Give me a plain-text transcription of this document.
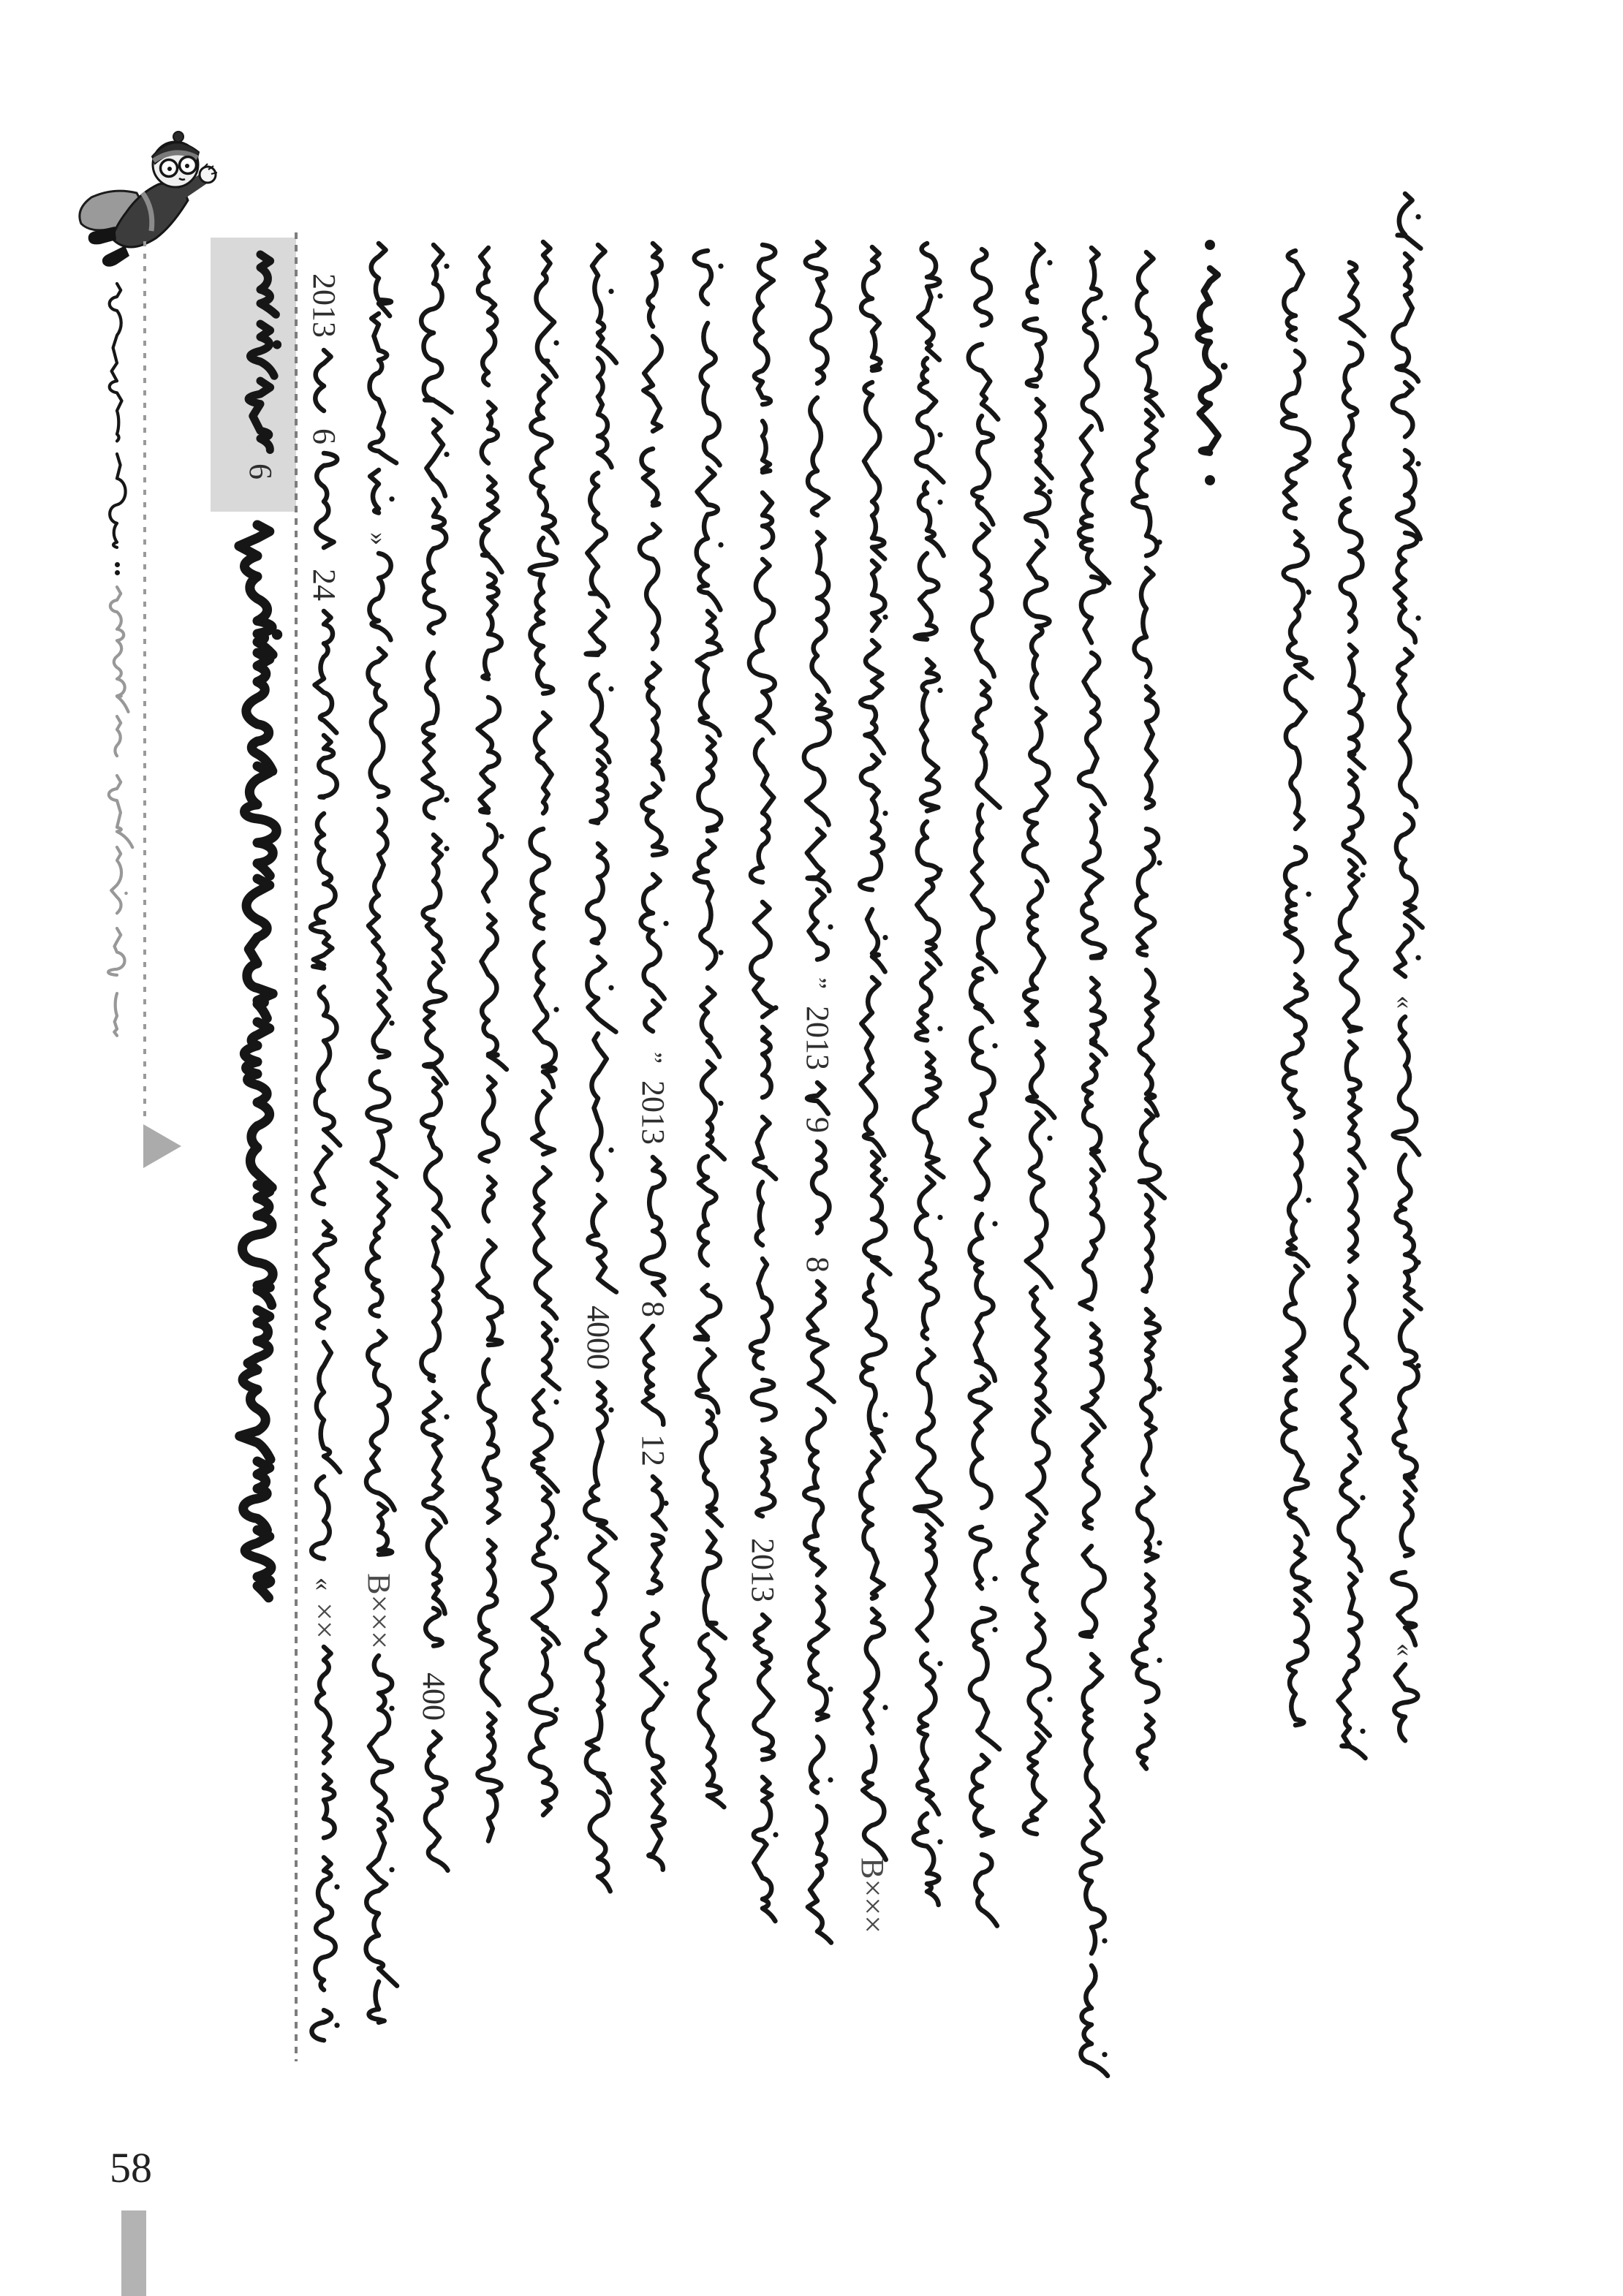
6
2013
6
24
«
××
»
B×××
400
4000
”
2013
8
12
2013
”
2013
9
8
B×××
«
«
58
